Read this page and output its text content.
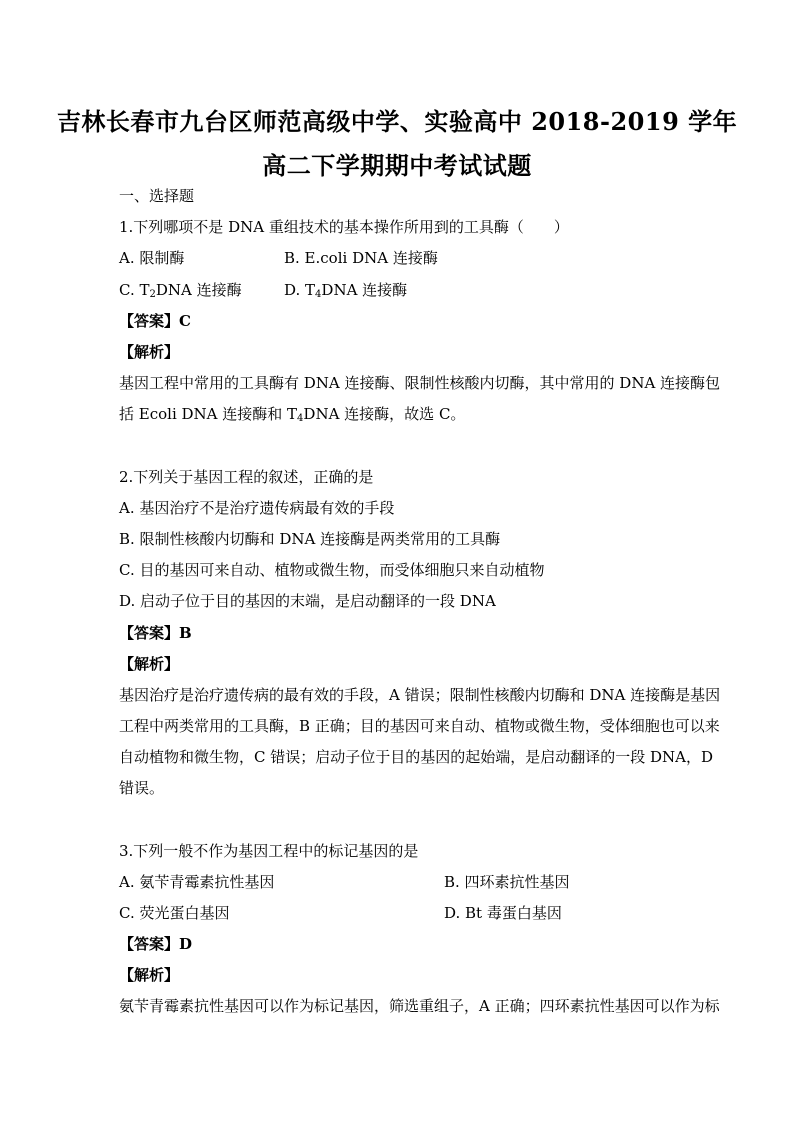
吉林长春市九台区师范高级中学、实验高中 2018-2019 学年
高二下学期期中考试试题
一、选择题
1.下列哪项不是 DNA 重组技术的基本操作所用到的工具酶（　　）
A. 限制酶	B. E.coli DNA 连接酶
C. $T_2DNA$ 连接酶	D. $T_4DNA$ 连接酶
【答案】C
【解析】
基因工程中常用的工具酶有 DNA 连接酶、限制性核酸内切酶，其中常用的 DNA 连接酶包
括 Ecoli DNA 连接酶和 $T_4DNA$ 连接酶，故选 C。
2.下列关于基因工程的叙述，正确的是
A. 基因治疗不是治疗遗传病最有效的手段
B. 限制性核酸内切酶和 DNA 连接酶是两类常用的工具酶
C. 目的基因可来自动、植物或微生物，而受体细胞只来自动植物
D. 启动子位于目的基因的末端，是启动翻译的一段 DNA
【答案】B
【解析】
基因治疗是治疗遗传病的最有效的手段，A 错误；限制性核酸内切酶和 DNA 连接酶是基因
工程中两类常用的工具酶，B 正确；目的基因可来自动、植物或微生物，受体细胞也可以来
自动植物和微生物，C 错误；启动子位于目的基因的起始端，是启动翻译的一段 DNA，D
错误。
3.下列一般不作为基因工程中的标记基因的是
A. 氨苄青霉素抗性基因	B. 四环素抗性基因
C. 荧光蛋白基因	D. Bt 毒蛋白基因
【答案】D
【解析】
氨苄青霉素抗性基因可以作为标记基因，筛选重组子，A 正确；四环素抗性基因可以作为标
